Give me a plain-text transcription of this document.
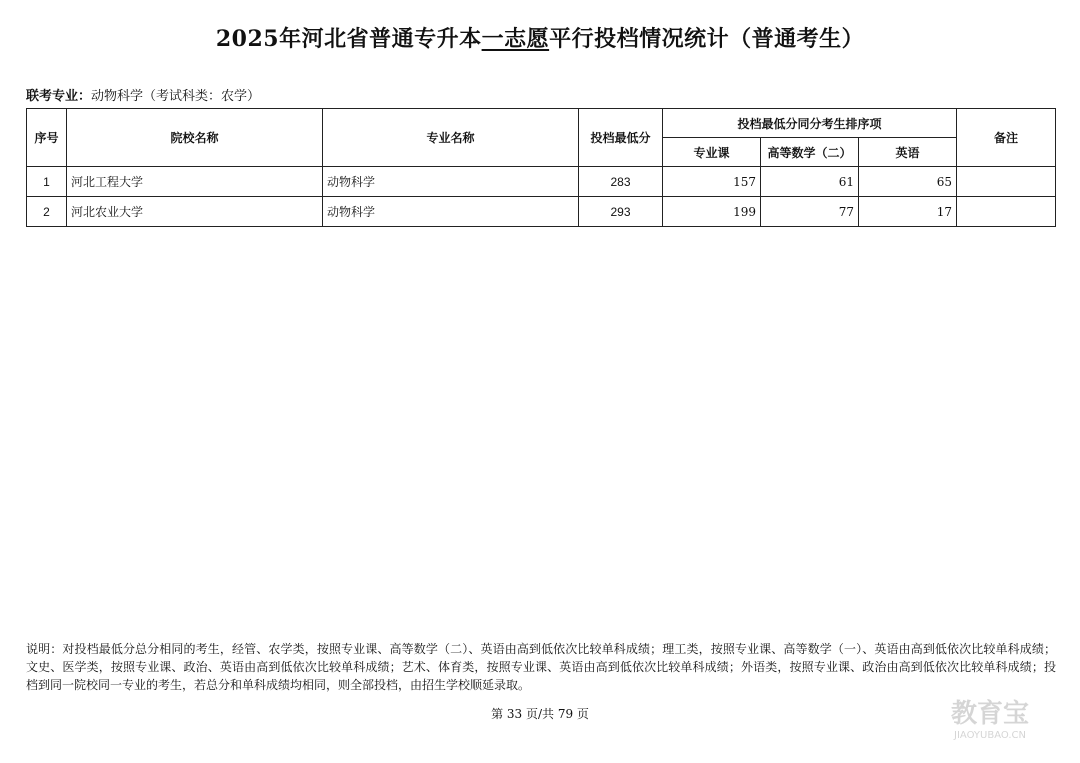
2025年河北省普通专升本一志愿平行投档情况统计（普通考生）
联考专业：动物科学（考试科类：农学）
序号	院校名称	专业名称	投档最低分	投档最低分同分考生排序项			备注
				专业课	高等数学（二）	英语	
1	河北工程大学	动物科学	283	157	61	65	
2	河北农业大学	动物科学	293	199	77	17	
说明：对投档最低分总分相同的考生，经管、农学类，按照专业课、高等数学（二）、英语由高到低依次比较单科成绩；理工类，按照专业课、高等数学（一）、英语由高到低依次比较单科成绩；文史、医学类，按照专业课、政治、英语由高到低依次比较单科成绩；艺术、体育类，按照专业课、英语由高到低依次比较单科成绩；外语类，按照专业课、政治由高到低依次比较单科成绩；投档到同一院校同一专业的考生，若总分和单科成绩均相同，则全部投档，由招生学校顺延录取。
第 33 页/共 79 页	教育宝
JIAOYUBAO.CN
